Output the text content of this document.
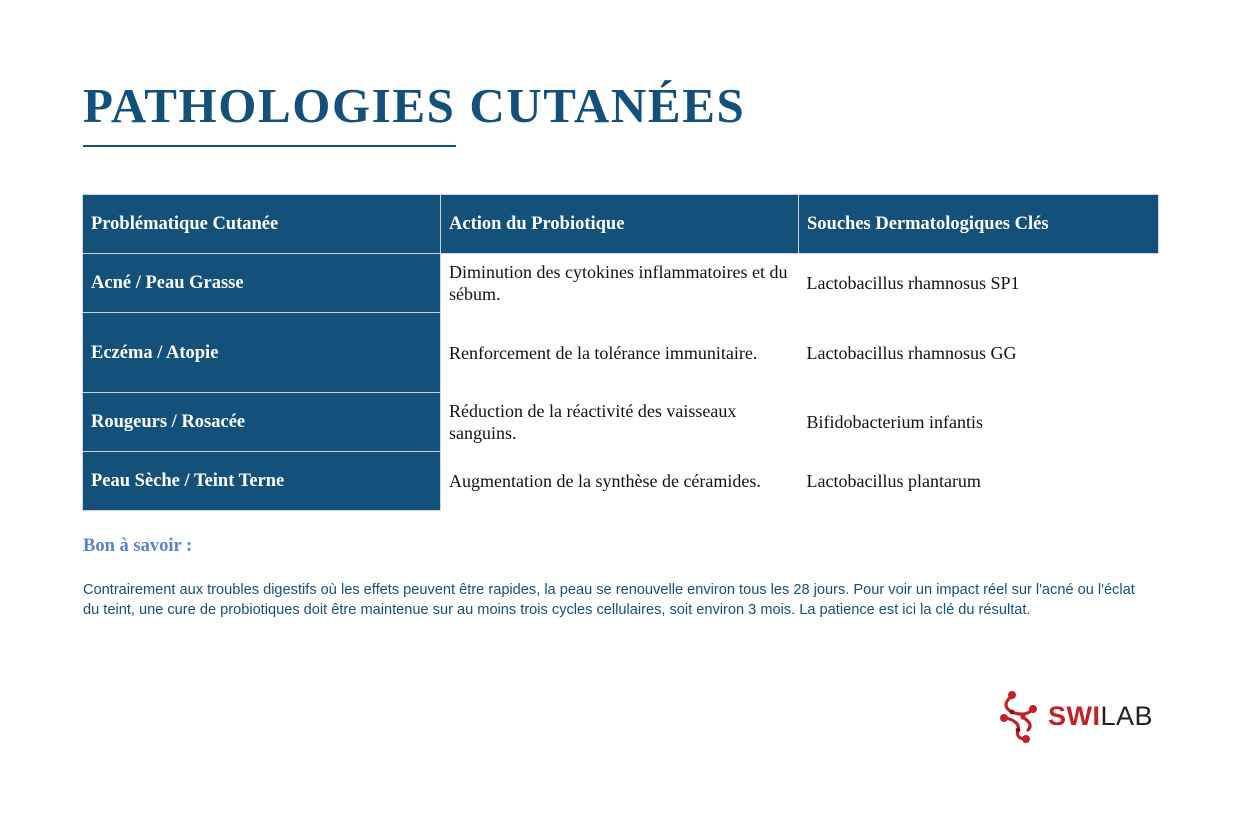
PATHOLOGIES CUTANÉES
Problématique Cutanée	Action du Probiotique	Souches Dermatologiques Clés
Acné / Peau Grasse	Diminution des cytokines inflammatoires et du sébum.	Lactobacillus rhamnosus SP1
Eczéma / Atopie	Renforcement de la tolérance immunitaire.	Lactobacillus rhamnosus GG
Rougeurs / Rosacée	Réduction de la réactivité des vaisseaux sanguins.	Bifidobacterium infantis
Peau Sèche / Teint Terne	Augmentation de la synthèse de céramides.	Lactobacillus plantarum
Bon à savoir :

Contrairement aux troubles digestifs où les effets peuvent être rapides, la peau se renouvelle environ tous les 28 jours. Pour voir un impact réel sur l'acné ou l'éclat du teint, une cure de probiotiques doit être maintenue sur au moins trois cycles cellulaires, soit environ 3 mois. La patience est ici la clé du résultat.

SWILAB
